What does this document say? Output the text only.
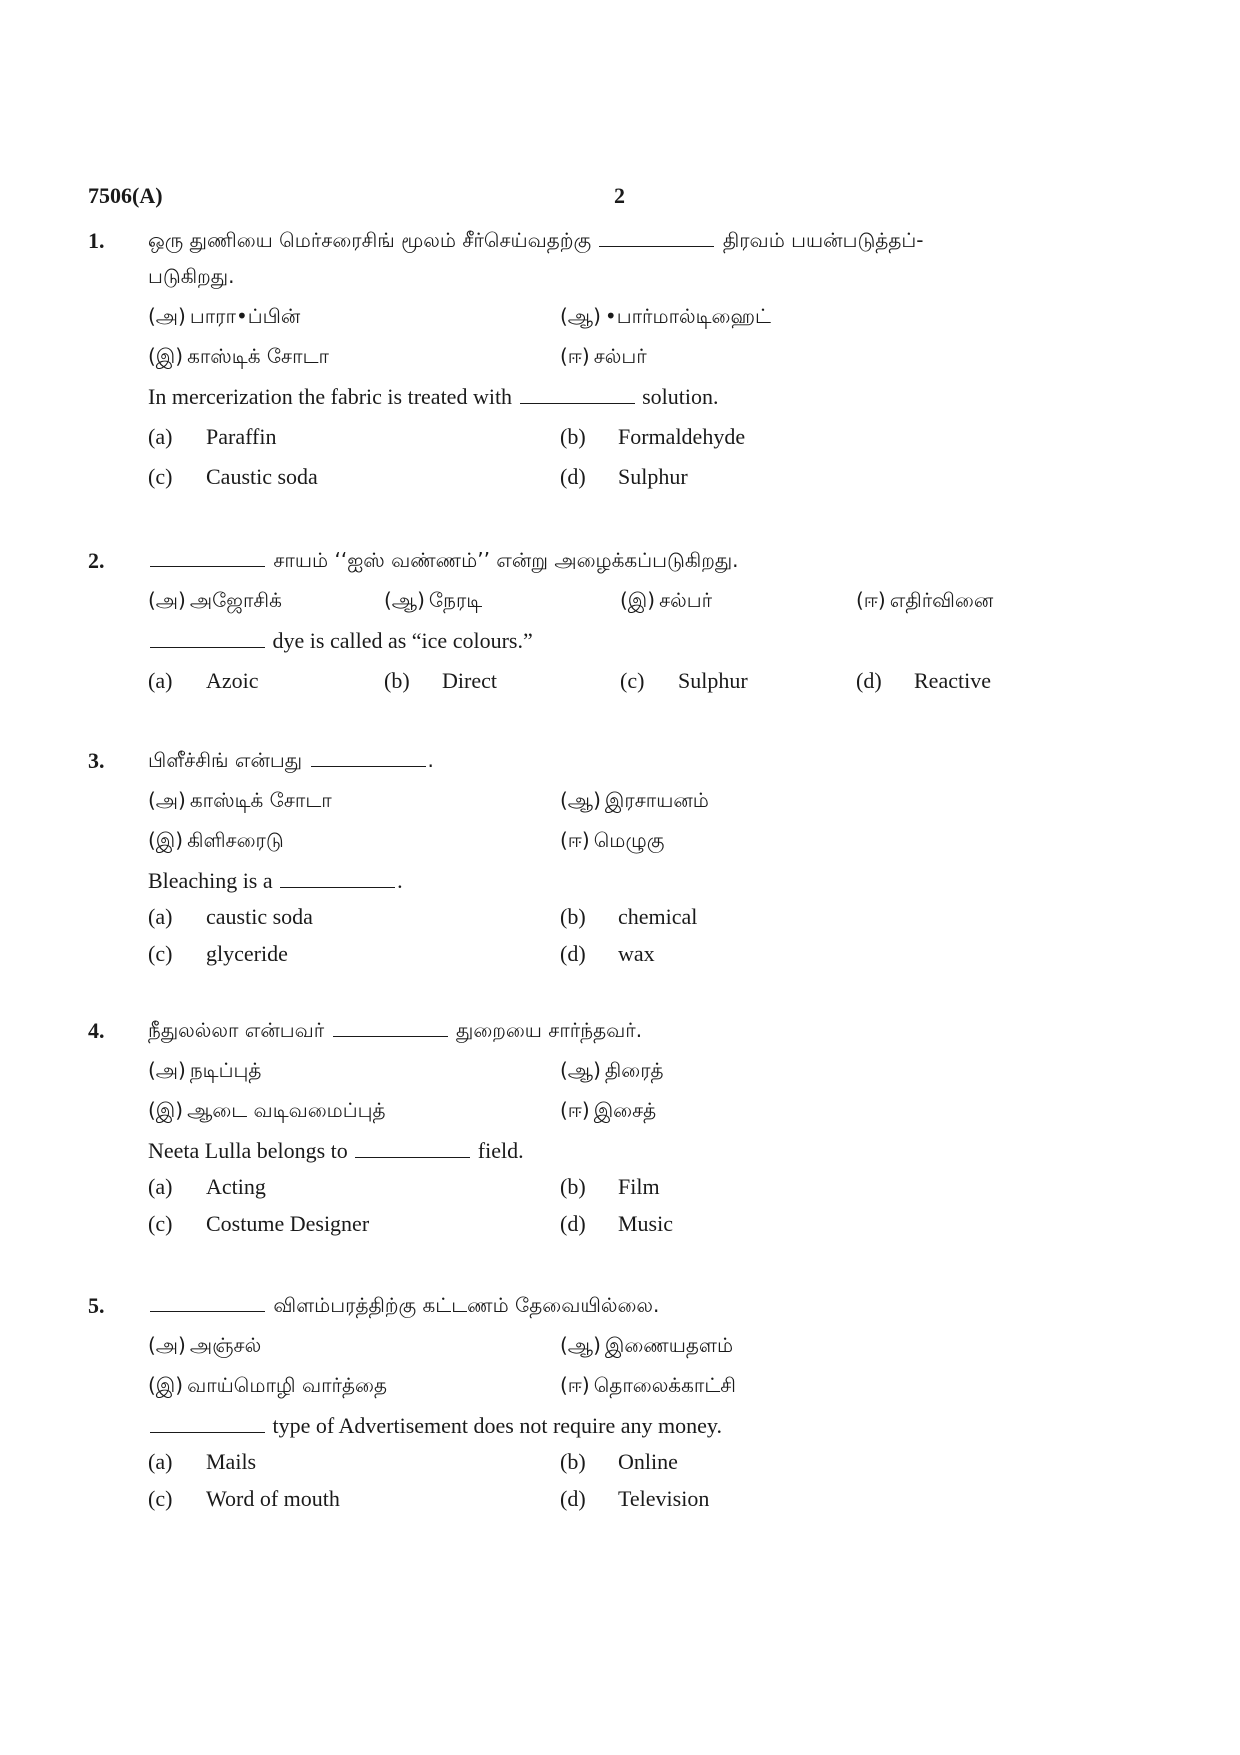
7506(A)	2
1. ஒரு துணியை மெர்சரைசிங் மூலம் சீர்செய்வதற்கு	திரவம் பயன்படுத்தப்-
படுகிறது.
(அ) பாரா•ப்பின்	(ஆ) •பார்மால்டிஹைட்
(இ) காஸ்டிக் சோடா	(ஈ) சல்பர்
In mercerization the fabric is treated with	solution.
(a) Paraffin	(b) Formaldehyde
(c) Caustic soda	(d) Sulphur
2.	சாயம் ‘‘ஐஸ் வண்ணம்’’ என்று அழைக்கப்படுகிறது.
(அ) அஜோசிக்	(ஆ) நேரடி	(இ) சல்பர்	(ஈ) எதிர்வினை
dye is called as “ice colours.”
(a) Azoic	(b) Direct	(c) Sulphur	(d) Reactive
3. பிளீச்சிங் என்பது	.
(அ) காஸ்டிக் சோடா	(ஆ) இரசாயனம்
(இ) கிளிசரைடு	(ஈ) மெழுகு
Bleaching is a	.
(a) caustic soda	(b) chemical
(c) glyceride	(d) wax
4. நீதுலல்லா என்பவர்	துறையை சார்ந்தவர்.
(அ) நடிப்புத்	(ஆ) திரைத்
(இ) ஆடை வடிவமைப்புத்	(ஈ) இசைத்
Neeta Lulla belongs to	field.
(a) Acting	(b) Film
(c) Costume Designer	(d) Music
5.	விளம்பரத்திற்கு கட்டணம் தேவையில்லை.
(அ) அஞ்சல்	(ஆ) இணையதளம்
(இ) வாய்மொழி வார்த்தை	(ஈ) தொலைக்காட்சி
type of Advertisement does not require any money.
(a) Mails	(b) Online
(c) Word of mouth	(d) Television
